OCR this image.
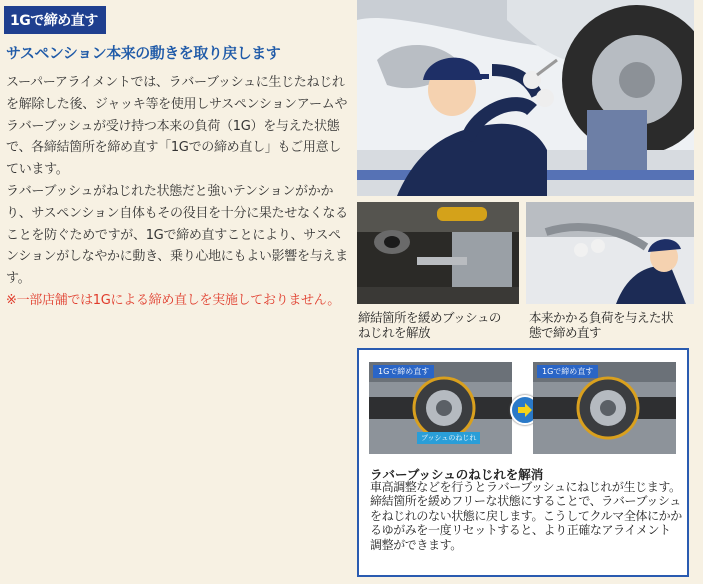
1Gで締め直す
サスペンション本来の動きを取り戻します
スーパーアライメントでは、ラバーブッシュに生じたねじれを解除した後、ジャッキ等を使用しサスペンションアームやラバーブッシュが受け持つ本来の負荷（1G）を与えた状態で、各締結箇所を締め直す「1Gでの締め直し」もご用意しています。
ラバーブッシュがねじれた状態だと強いテンションがかかり、サスペンション自体もその役目を十分に果たせなくなることを防ぐためですが、1Gで締め直すことにより、サスペンションがしなやかに動き、乗り心地にもよい影響を与えます。
※一部店舗では1Gによる締め直しを実施しておりません。
締結箇所を緩めブッシュの
ねじれを解放
本来かかる負荷を与えた状
態で締め直す
1Gで締め直す
ブッシュのねじれ
1Gで締め直す
ラバーブッシュのねじれを解消
車高調整などを行うとラバーブッシュにねじれが生じます。締結箇所を緩めフリーな状態にすることで、ラバーブッシュをねじれのない状態に戻します。こうしてクルマ全体にかかるゆがみを一度リセットすると、より正確なアライメント調整ができます。
